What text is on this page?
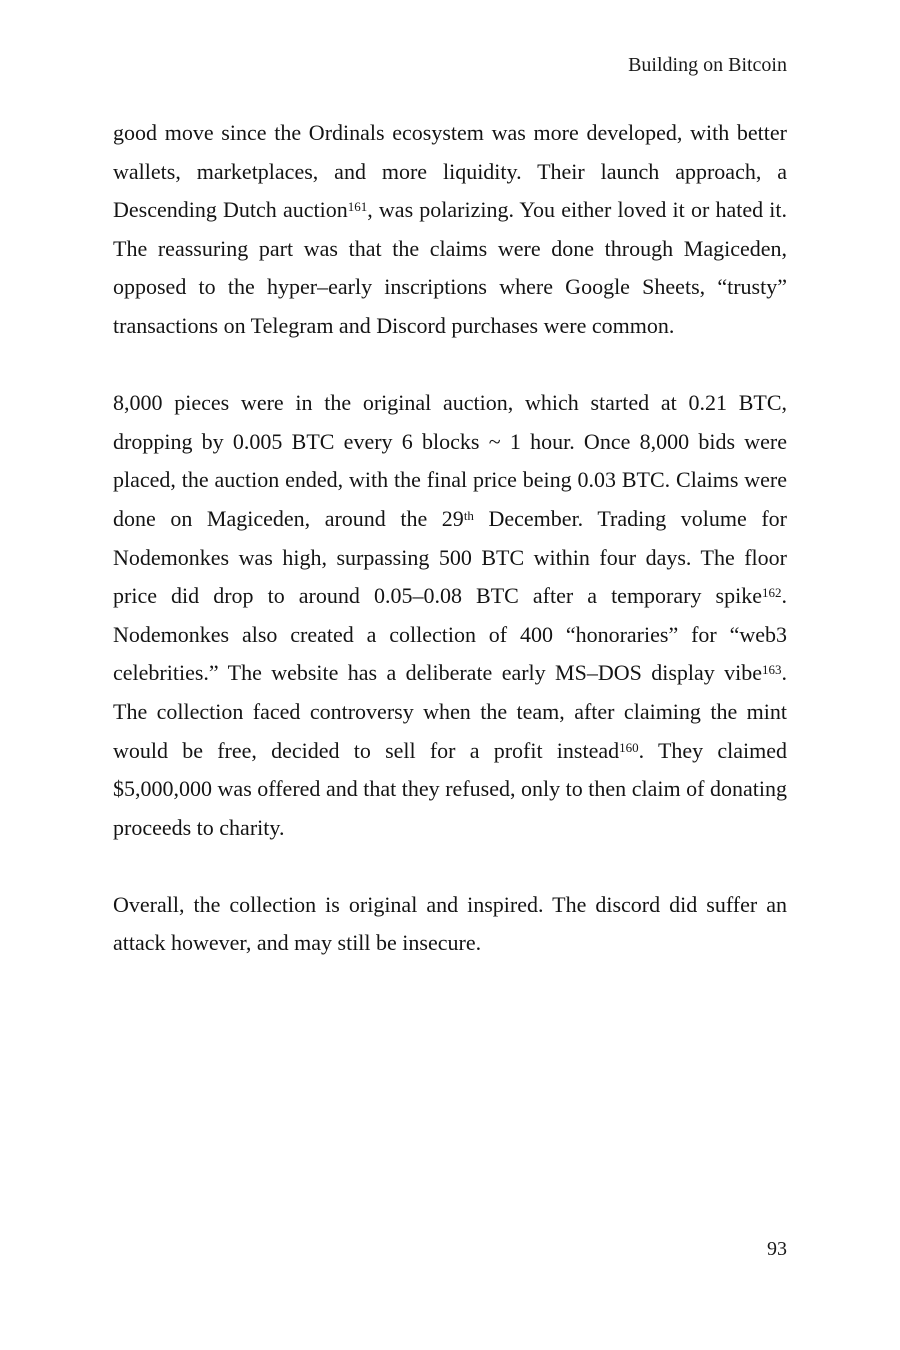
Building on Bitcoin

good move since the Ordinals ecosystem was more developed, with better wallets, marketplaces, and more liquidity. Their launch approach, a Descending Dutch auction$^{161}$, was polarizing. You either loved it or hated it. The reassuring part was that the claims were done through Magiceden, opposed to the hyper–early inscriptions where Google Sheets, “trusty” transactions on Telegram and Discord purchases were common.

8,000 pieces were in the original auction, which started at 0.21 BTC, dropping by 0.005 BTC every 6 blocks ~ 1 hour. Once 8,000 bids were placed, the auction ended, with the final price being 0.03 BTC. Claims were done on Magiceden, around the 29th December. Trading volume for Nodemonkes was high, surpassing 500 BTC within four days. The floor price did drop to around 0.05–0.08 BTC after a temporary spike$^{162}$. Nodemonkes also created a collection of 400 “honoraries” for “web3 celebrities.” The website has a deliberate early MS–DOS display vibe$^{163}$. The collection faced controversy when the team, after claiming the mint would be free, decided to sell for a profit instead$^{160}$. They claimed $5,000,000 was offered and that they refused, only to then claim of donating proceeds to charity.

Overall, the collection is original and inspired. The discord did suffer an attack however, and may still be insecure.

93
